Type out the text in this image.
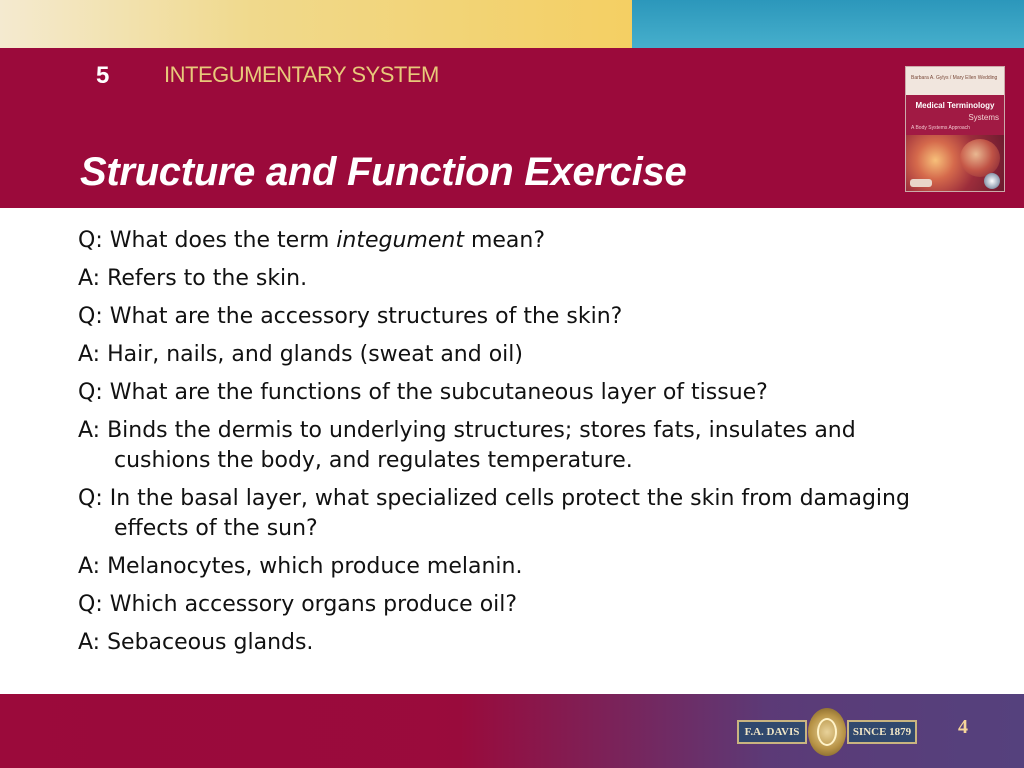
5 INTEGUMENTARY SYSTEM
Structure and Function Exercise
Barbara A. Gylys / Mary Ellen Wedding
Medical Terminology
Systems
A Body Systems Approach

Q: What does the term integument mean?

A: Refers to the skin.

Q: What are the accessory structures of the skin?

A: Hair, nails, and glands (sweat and oil)

Q: What are the functions of the subcutaneous layer of tissue?

A: Binds the dermis to underlying structures; stores fats, insulates and cushions the body, and regulates temperature.

Q: In the basal layer, what specialized cells protect the skin from damaging effects of the sun?

A: Melanocytes, which produce melanin.

Q: Which accessory organs produce oil?

A: Sebaceous glands.

F.A. DAVIS	SINCE 1879 4
